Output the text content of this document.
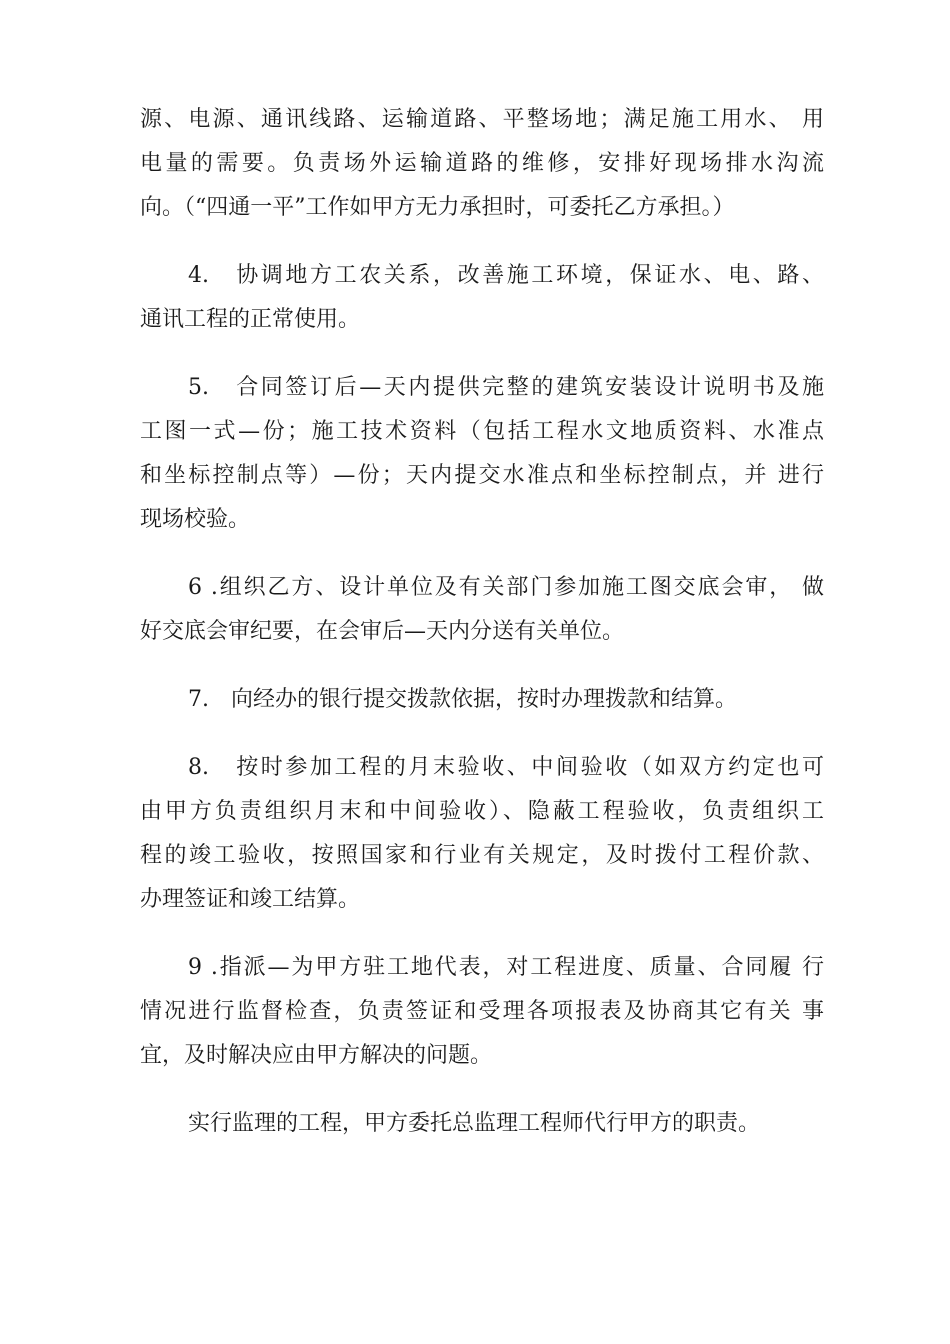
源、电源、通讯线路、运输道路、平整场地；满足施工用水、 用
电量的需要。负责场外运输道路的维修，安排好现场排水沟流
向。（“四通一平”工作如甲方无力承担时，可委托乙方承担。）
4.　协调地方工农关系，改善施工环境，保证水、电、路、
通讯工程的正常使用。
5.　合同签订后—天内提供完整的建筑安装设计说明书及施
工图一式—份；施工技术资料（包括工程水文地质资料、水准点
和坐标控制点等）—份；天内提交水准点和坐标控制点，并 进行
现场校验。
6 .组织乙方、设计单位及有关部门参加施工图交底会审， 做
好交底会审纪要，在会审后—天内分送有关单位。
7.　向经办的银行提交拨款依据，按时办理拨款和结算。
8.　按时参加工程的月末验收、中间验收（如双方约定也可
由甲方负责组织月末和中间验收）、隐蔽工程验收，负责组织工
程的竣工验收，按照国家和行业有关规定，及时拨付工程价款、
办理签证和竣工结算。
9 .指派—为甲方驻工地代表，对工程进度、质量、合同履 行
情况进行监督检查，负责签证和受理各项报表及协商其它有关 事
宜，及时解决应由甲方解决的问题。
实行监理的工程，甲方委托总监理工程师代行甲方的职责。
